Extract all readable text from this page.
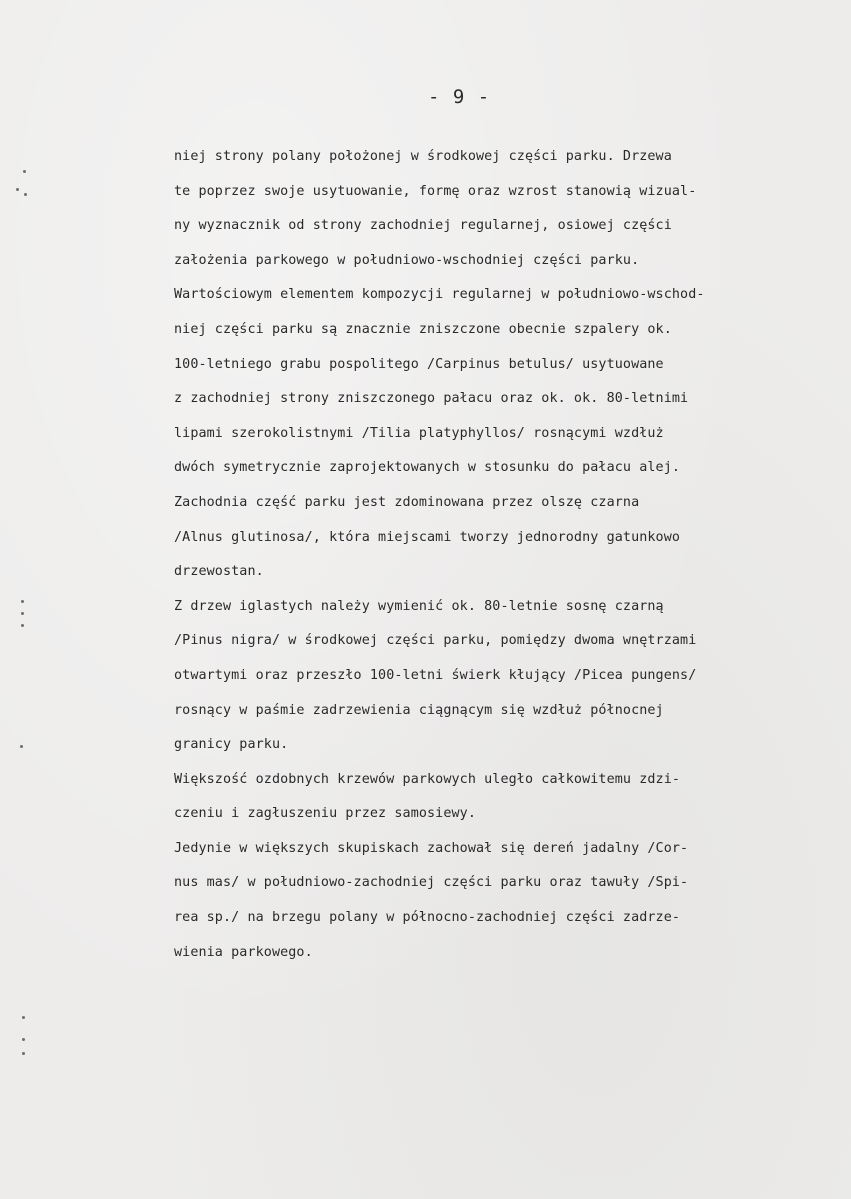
- 9 -
niej strony polany położonej w środkowej części parku. Drzewa
te poprzez swoje usytuowanie, formę oraz wzrost stanowią wizual-
ny wyznacznik od strony zachodniej regularnej, osiowej części
założenia parkowego w południowo-wschodniej części parku.
Wartościowym elementem kompozycji regularnej w południowo-wschod-
niej części parku są znacznie zniszczone obecnie szpalery ok.
100-letniego grabu pospolitego /Carpinus betulus/ usytuowane
z zachodniej strony zniszczonego pałacu oraz ok. ok. 80-letnimi
lipami szerokolistnymi /Tilia platyphyllos/ rosnącymi wzdłuż
dwóch symetrycznie zaprojektowanych w stosunku do pałacu alej.
Zachodnia część parku jest zdominowana przez olszę czarna
/Alnus glutinosa/, która miejscami tworzy jednorodny gatunkowo
drzewostan.
Z drzew iglastych należy wymienić ok. 80-letnie sosnę czarną
/Pinus nigra/ w środkowej części parku, pomiędzy dwoma wnętrzami
otwartymi oraz przeszło 100-letni świerk kłujący /Picea pungens/
rosnący w paśmie zadrzewienia ciągnącym się wzdłuż północnej
granicy parku.
Większość ozdobnych krzewów parkowych uległo całkowitemu zdzi-
czeniu i zagłuszeniu przez samosiewy.
Jedynie w większych skupiskach zachował się dereń jadalny /Cor-
nus mas/ w południowo-zachodniej części parku oraz tawuły /Spi-
rea sp./ na brzegu polany w północno-zachodniej części zadrze-
wienia parkowego.
